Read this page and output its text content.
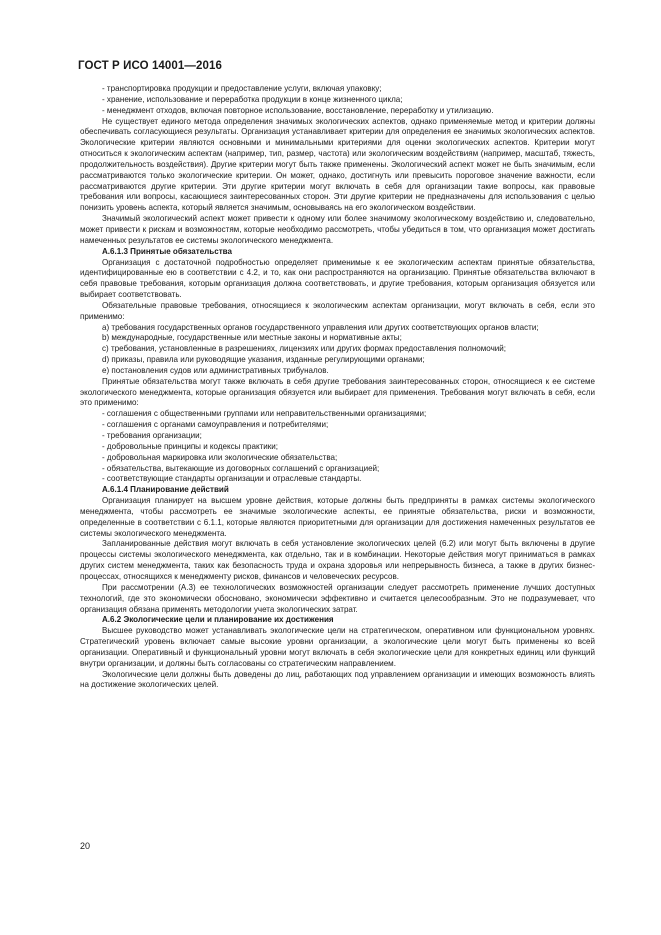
ГОСТ Р ИСО 14001—2016

- транспортировка продукции и предоставление услуги, включая упаковку;

- хранение, использование и переработка продукции в конце жизненного цикла;

- менеджмент отходов, включая повторное использование, восстановление, переработку и утилизацию.

Не существует единого метода определения значимых экологических аспектов, однако применяемые метод и критерии должны обеспечивать согласующиеся результаты. Организация устанавливает критерии для определения ее значимых экологических аспектов. Экологические критерии являются основными и минимальными критериями для оценки экологических аспектов. Критерии могут относиться к экологическим аспектам (например, тип, размер, частота) или экологическим воздействиям (например, масштаб, тяжесть, продолжительность воздействия). Другие критерии могут быть также применены. Экологический аспект может не быть значимым, если рассматриваются только экологические критерии. Он может, однако, достигнуть или превысить пороговое значение важности, если рассматриваются другие критерии. Эти другие критерии могут включать в себя для организации такие вопросы, как правовые требования или вопросы, касающиеся заинтересованных сторон. Эти другие критерии не предназначены для использования с целью понизить уровень аспекта, который является значимым, основываясь на его экологическом воздействии.

Значимый экологический аспект может привести к одному или более значимому экологическому воздействию и, следовательно, может привести к рискам и возможностям, которые необходимо рассмотреть, чтобы убедиться в том, что организация может достигать намеченных результатов ее системы экологического менеджмента.

A.6.1.3 Принятые обязательства

Организация с достаточной подробностью определяет применимые к ее экологическим аспектам принятые обязательства, идентифицированные ею в соответствии с 4.2, и то, как они распространяются на организацию. Принятые обязательства включают в себя правовые требования, которым организация должна соответствовать, и другие требования, которым организация обязуется или выбирает соответствовать.

Обязательные правовые требования, относящиеся к экологическим аспектам организации, могут включать в себя, если это применимо:

a) требования государственных органов государственного управления или других соответствующих органов власти;

b) международные, государственные или местные законы и нормативные акты;

c) требования, установленные в разрешениях, лицензиях или других формах предоставления полномочий;

d) приказы, правила или руководящие указания, изданные регулирующими органами;

e) постановления судов или административных трибуналов.

Принятые обязательства могут также включать в себя другие требования заинтересованных сторон, относящиеся к ее системе экологического менеджмента, которые организация обязуется или выбирает для применения. Требования могут включать в себя, если это применимо:

- соглашения с общественными группами или неправительственными организациями;

- соглашения с органами самоуправления и потребителями;

- требования организации;

- добровольные принципы и кодексы практики;

- добровольная маркировка или экологические обязательства;

- обязательства, вытекающие из договорных соглашений с организацией;

- соответствующие стандарты организации и отраслевые стандарты.

A.6.1.4 Планирование действий

Организация планирует на высшем уровне действия, которые должны быть предприняты в рамках системы экологического менеджмента, чтобы рассмотреть ее значимые экологические аспекты, ее принятые обязательства, риски и возможности, определенные в соответствии с 6.1.1, которые являются приоритетными для организации для достижения намеченных результатов ее системы экологического менеджмента.

Запланированные действия могут включать в себя установление экологических целей (6.2) или могут быть включены в другие процессы системы экологического менеджмента, как отдельно, так и в комбинации. Некоторые действия могут приниматься в рамках других систем менеджмента, таких как безопасность труда и охрана здоровья или непрерывность бизнеса, а также в других бизнес-процессах, относящихся к менеджменту рисков, финансов и человеческих ресурсов.

При рассмотрении (A.3) ее технологических возможностей организации следует рассмотреть применение лучших доступных технологий, где это экономически обосновано, экономически эффективно и считается целесообразным. Это не подразумевает, что организация обязана применять методологии учета экологических затрат.

A.6.2 Экологические цели и планирование их достижения

Высшее руководство может устанавливать экологические цели на стратегическом, оперативном или функциональном уровнях. Стратегический уровень включает самые высокие уровни организации, а экологические цели могут быть применены ко всей организации. Оперативный и функциональный уровни могут включать в себя экологические цели для конкретных единиц или функций внутри организации, и должны быть согласованы со стратегическим направлением.

Экологические цели должны быть доведены до лиц, работающих под управлением организации и имеющих возможность влиять на достижение экологических целей.

20
